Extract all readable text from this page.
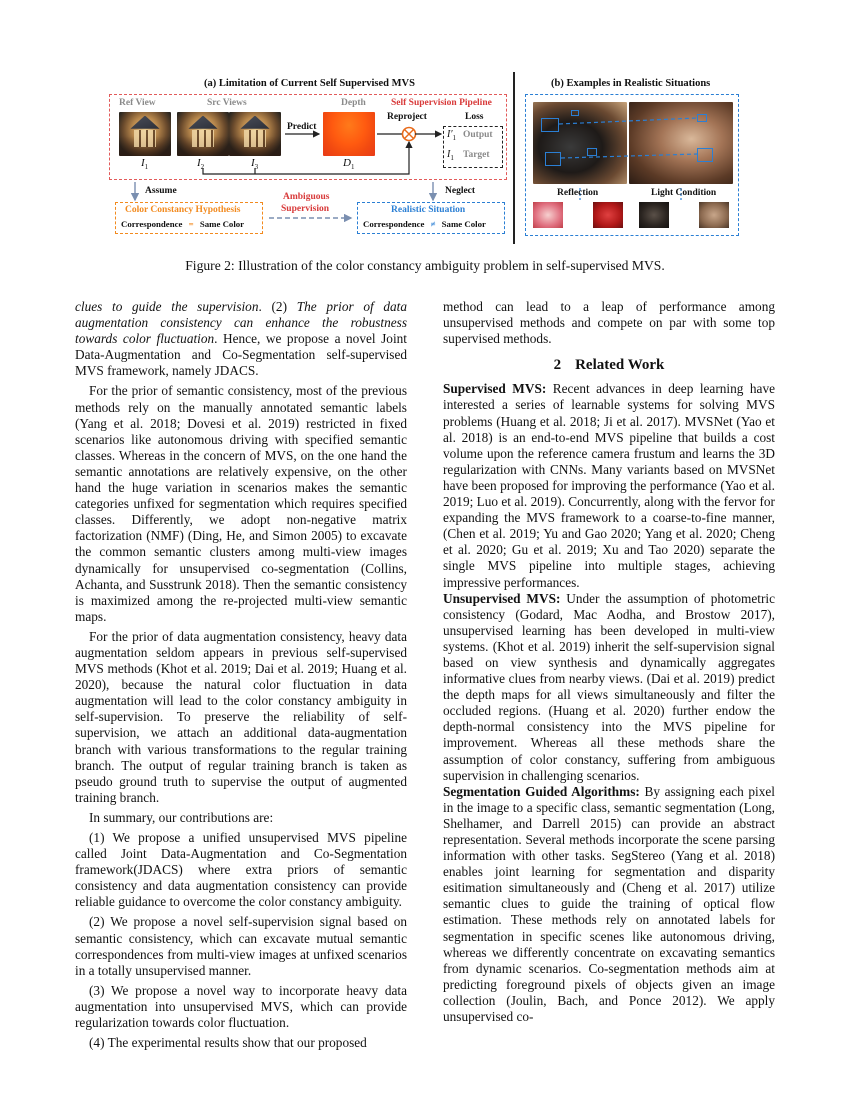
(a) Limitation of Current Self Supervised MVS	(b) Examples in Realistic Situations
Ref View	Src Views	Depth	Self Supervision Pipeline
Predict
Reproject	Loss
$I'_1$ Output
$I_1$ Target
$I_1$	$I_2$	$I_3$	$D_1$
Assume	Neglect
Ambiguous
Supervision
Color Constancy Hypothesis
Correspondence = Same Color
Realistic Situation
Correspondence ≠ Same Color
Reflection	Light Condition
Figure 2: Illustration of the color constancy ambiguity problem in self-supervised MVS.

clues to guide the supervision. (2) The prior of data augmentation consistency can enhance the robustness towards color fluctuation. Hence, we propose a novel Joint Data-Augmentation and Co-Segmentation self-supervised MVS framework, namely JDACS.

For the prior of semantic consistency, most of the previous methods rely on the manually annotated semantic labels (Yang et al. 2018; Dovesi et al. 2019) restricted in fixed scenarios like autonomous driving with specified semantic classes. Whereas in the concern of MVS, on the one hand the semantic annotations are relatively expensive, on the other hand the huge variation in scenarios makes the semantic categories unfixed for segmentation which requires specified classes. Differently, we adopt non-negative matrix factorization (NMF) (Ding, He, and Simon 2005) to excavate the common semantic clusters among multi-view images dynamically for unsupervised co-segmentation (Collins, Achanta, and Susstrunk 2018). Then the semantic consistency is maximized among the re-projected multi-view semantic maps.

For the prior of data augmentation consistency, heavy data augmentation seldom appears in previous self-supervised MVS methods (Khot et al. 2019; Dai et al. 2019; Huang et al. 2020), because the natural color fluctuation in data augmentation will lead to the color constancy ambiguity in self-supervision. To preserve the reliability of self-supervision, we attach an additional data-augmentation branch with various transformations to the regular training branch. The output of regular training branch is taken as pseudo ground truth to supervise the output of augmented training branch.

In summary, our contributions are:

(1) We propose a unified unsupervised MVS pipeline called Joint Data-Augmentation and Co-Segmentation framework(JDACS) where extra priors of semantic consistency and data augmentation consistency can provide reliable guidance to overcome the color constancy ambiguity.

(2) We propose a novel self-supervision signal based on semantic consistency, which can excavate mutual semantic correspondences from multi-view images at unfixed scenarios in a totally unsupervised manner.

(3) We propose a novel way to incorporate heavy data augmentation into unsupervised MVS, which can provide regularization towards color fluctuation.

(4) The experimental results show that our proposed

method can lead to a leap of performance among unsupervised methods and compete on par with some top supervised methods.

2 Related Work

Supervised MVS: Recent advances in deep learning have interested a series of learnable systems for solving MVS problems (Huang et al. 2018; Ji et al. 2017). MVSNet (Yao et al. 2018) is an end-to-end MVS pipeline that builds a cost volume upon the reference camera frustum and learns the 3D regularization with CNNs. Many variants based on MVSNet have been proposed for improving the performance (Yao et al. 2019; Luo et al. 2019). Concurrently, along with the fervor for expanding the MVS framework to a coarse-to-fine manner, (Chen et al. 2019; Yu and Gao 2020; Yang et al. 2020; Cheng et al. 2020; Gu et al. 2019; Xu and Tao 2020) separate the single MVS pipeline into multiple stages, achieving impressive performances.

Unsupervised MVS: Under the assumption of photometric consistency (Godard, Mac Aodha, and Brostow 2017), unsupervised learning has been developed in multi-view systems. (Khot et al. 2019) inherit the self-supervision signal based on view synthesis and dynamically aggregates informative clues from nearby views. (Dai et al. 2019) predict the depth maps for all views simultaneously and filter the occluded regions. (Huang et al. 2020) further endow the depth-normal consistency into the MVS pipeline for improvement. Whereas all these methods share the assumption of color constancy, suffering from ambiguous supervision in challenging scenarios.

Segmentation Guided Algorithms: By assigning each pixel in the image to a specific class, semantic segmentation (Long, Shelhamer, and Darrell 2015) can provide an abstract representation. Several methods incorporate the scene parsing information with other tasks. SegStereo (Yang et al. 2018) enables joint learning for segmentation and disparity esitimation simultaneously and (Cheng et al. 2017) utilize semantic clues to guide the training of optical flow estimation. These methods rely on annotated labels for segmentation in specific scenes like autonomous driving, whereas we differently concentrate on excavating semantics from dynamic scenarios. Co-segmentation methods aim at predicting foreground pixels of objects given an image collection (Joulin, Bach, and Ponce 2012). We apply unsupervised co-
